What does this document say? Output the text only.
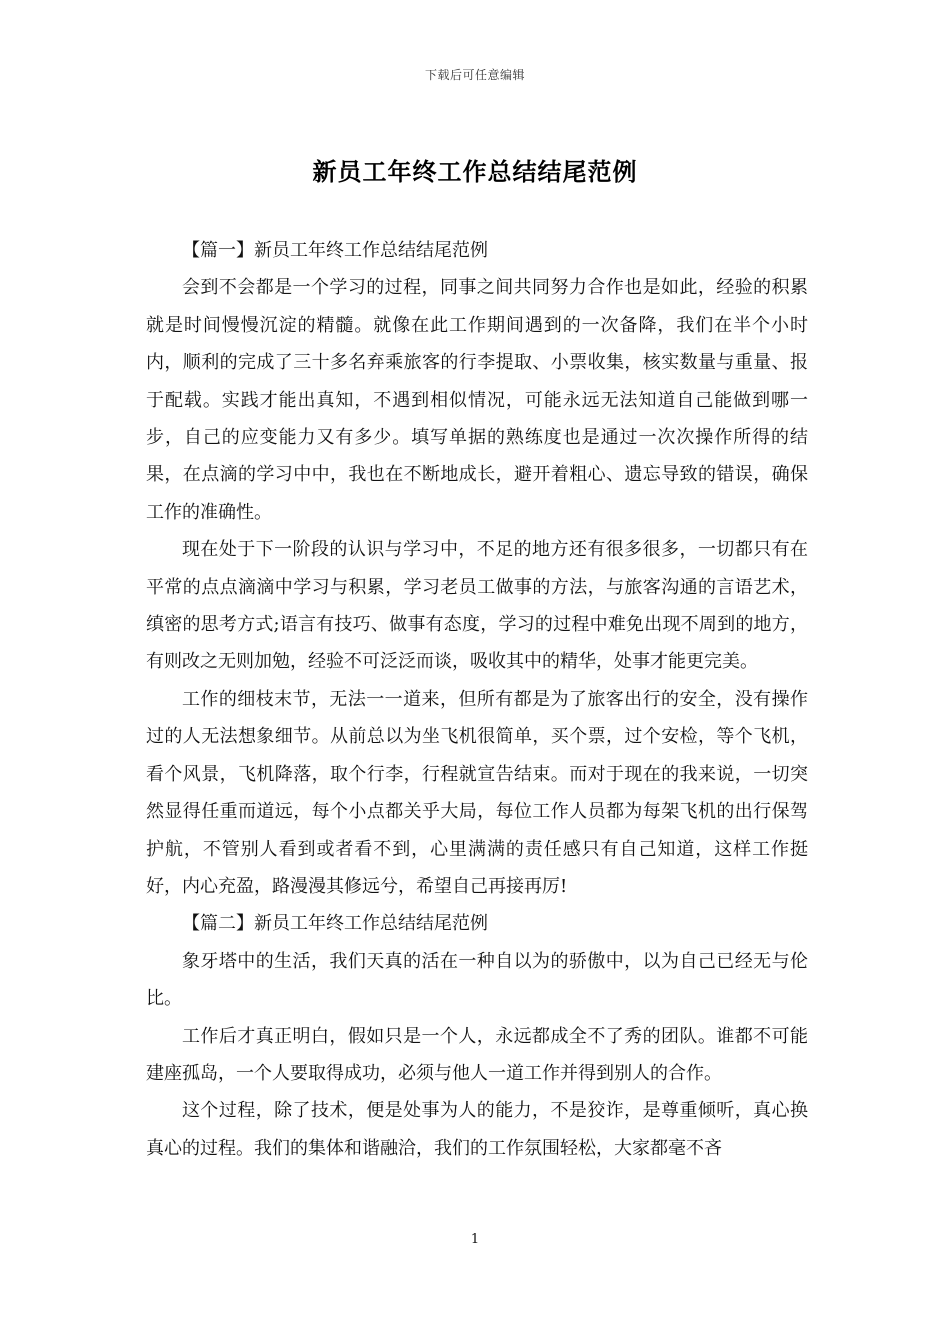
下载后可任意编辑
新员工年终工作总结结尾范例

【篇一】新员工年终工作总结结尾范例

会到不会都是一个学习的过程，同事之间共同努力合作也是如此，经验的积累就是时间慢慢沉淀的精髓。就像在此工作期间遇到的一次备降，我们在半个小时内，顺利的完成了三十多名弃乘旅客的行李提取、小票收集，核实数量与重量、报于配载。实践才能出真知，不遇到相似情况，可能永远无法知道自己能做到哪一步，自己的应变能力又有多少。填写单据的熟练度也是通过一次次操作所得的结果，在点滴的学习中中，我也在不断地成长，避开着粗心、遗忘导致的错误，确保工作的准确性。

现在处于下一阶段的认识与学习中，不足的地方还有很多很多，一切都只有在平常的点点滴滴中学习与积累，学习老员工做事的方法，与旅客沟通的言语艺术，缜密的思考方式;语言有技巧、做事有态度，学习的过程中难免出现不周到的地方，有则改之无则加勉，经验不可泛泛而谈，吸收其中的精华，处事才能更完美。

工作的细枝末节，无法一一道来，但所有都是为了旅客出行的安全，没有操作过的人无法想象细节。从前总以为坐飞机很简单，买个票，过个安检，等个飞机，看个风景，飞机降落，取个行李，行程就宣告结束。而对于现在的我来说，一切突然显得任重而道远，每个小点都关乎大局，每位工作人员都为每架飞机的出行保驾护航，不管别人看到或者看不到，心里满满的责任感只有自己知道，这样工作挺好，内心充盈，路漫漫其修远兮，希望自己再接再厉!

【篇二】新员工年终工作总结结尾范例

象牙塔中的生活，我们天真的活在一种自以为的骄傲中，以为自己已经无与伦比。

工作后才真正明白，假如只是一个人，永远都成全不了秀的团队。谁都不可能建座孤岛，一个人要取得成功，必须与他人一道工作并得到别人的合作。

这个过程，除了技术，便是处事为人的能力，不是狡诈，是尊重倾听，真心换真心的过程。我们的集体和谐融洽，我们的工作氛围轻松，大家都毫不吝

1
